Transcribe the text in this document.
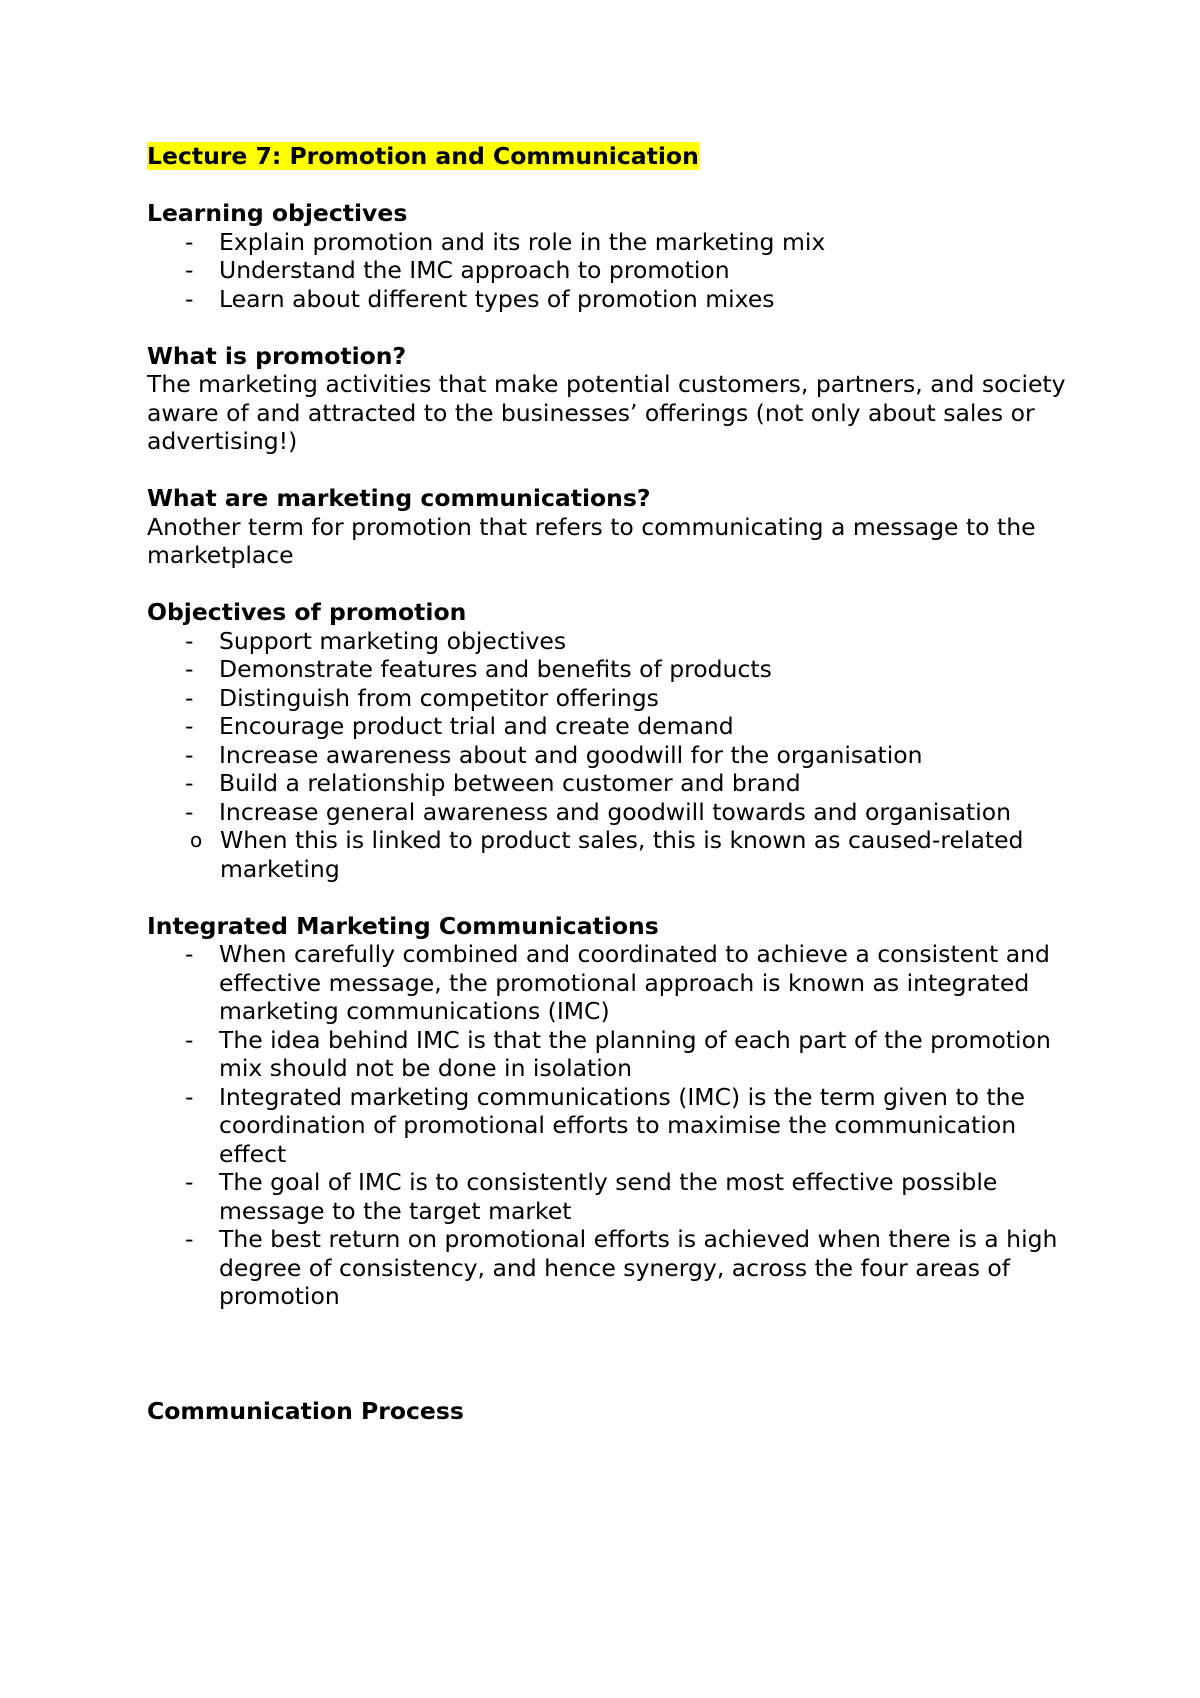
Lecture 7: Promotion and Communication

Learning objectives

- Explain promotion and its role in the marketing mix
- Understand the IMC approach to promotion
- Learn about different types of promotion mixes

What is promotion?

The marketing activities that make potential customers, partners, and society aware of and attracted to the businesses’ offerings (not only about sales or advertising!)

What are marketing communications?

Another term for promotion that refers to communicating a message to the marketplace

Objectives of promotion

- Support marketing objectives
- Demonstrate features and benefits of products
- Distinguish from competitor offerings
- Encourage product trial and create demand
- Increase awareness about and goodwill for the organisation
- Build a relationship between customer and brand
- Increase general awareness and goodwill towards and organisation
o When this is linked to product sales, this is known as caused-related marketing

Integrated Marketing Communications

- When carefully combined and coordinated to achieve a consistent and effective message, the promotional approach is known as integrated marketing communications (IMC)
- The idea behind IMC is that the planning of each part of the promotion mix should not be done in isolation
- Integrated marketing communications (IMC) is the term given to the coordination of promotional efforts to maximise the communication effect
- The goal of IMC is to consistently send the most effective possible message to the target market
- The best return on promotional efforts is achieved when there is a high degree of consistency, and hence synergy, across the four areas of promotion

Communication Process
